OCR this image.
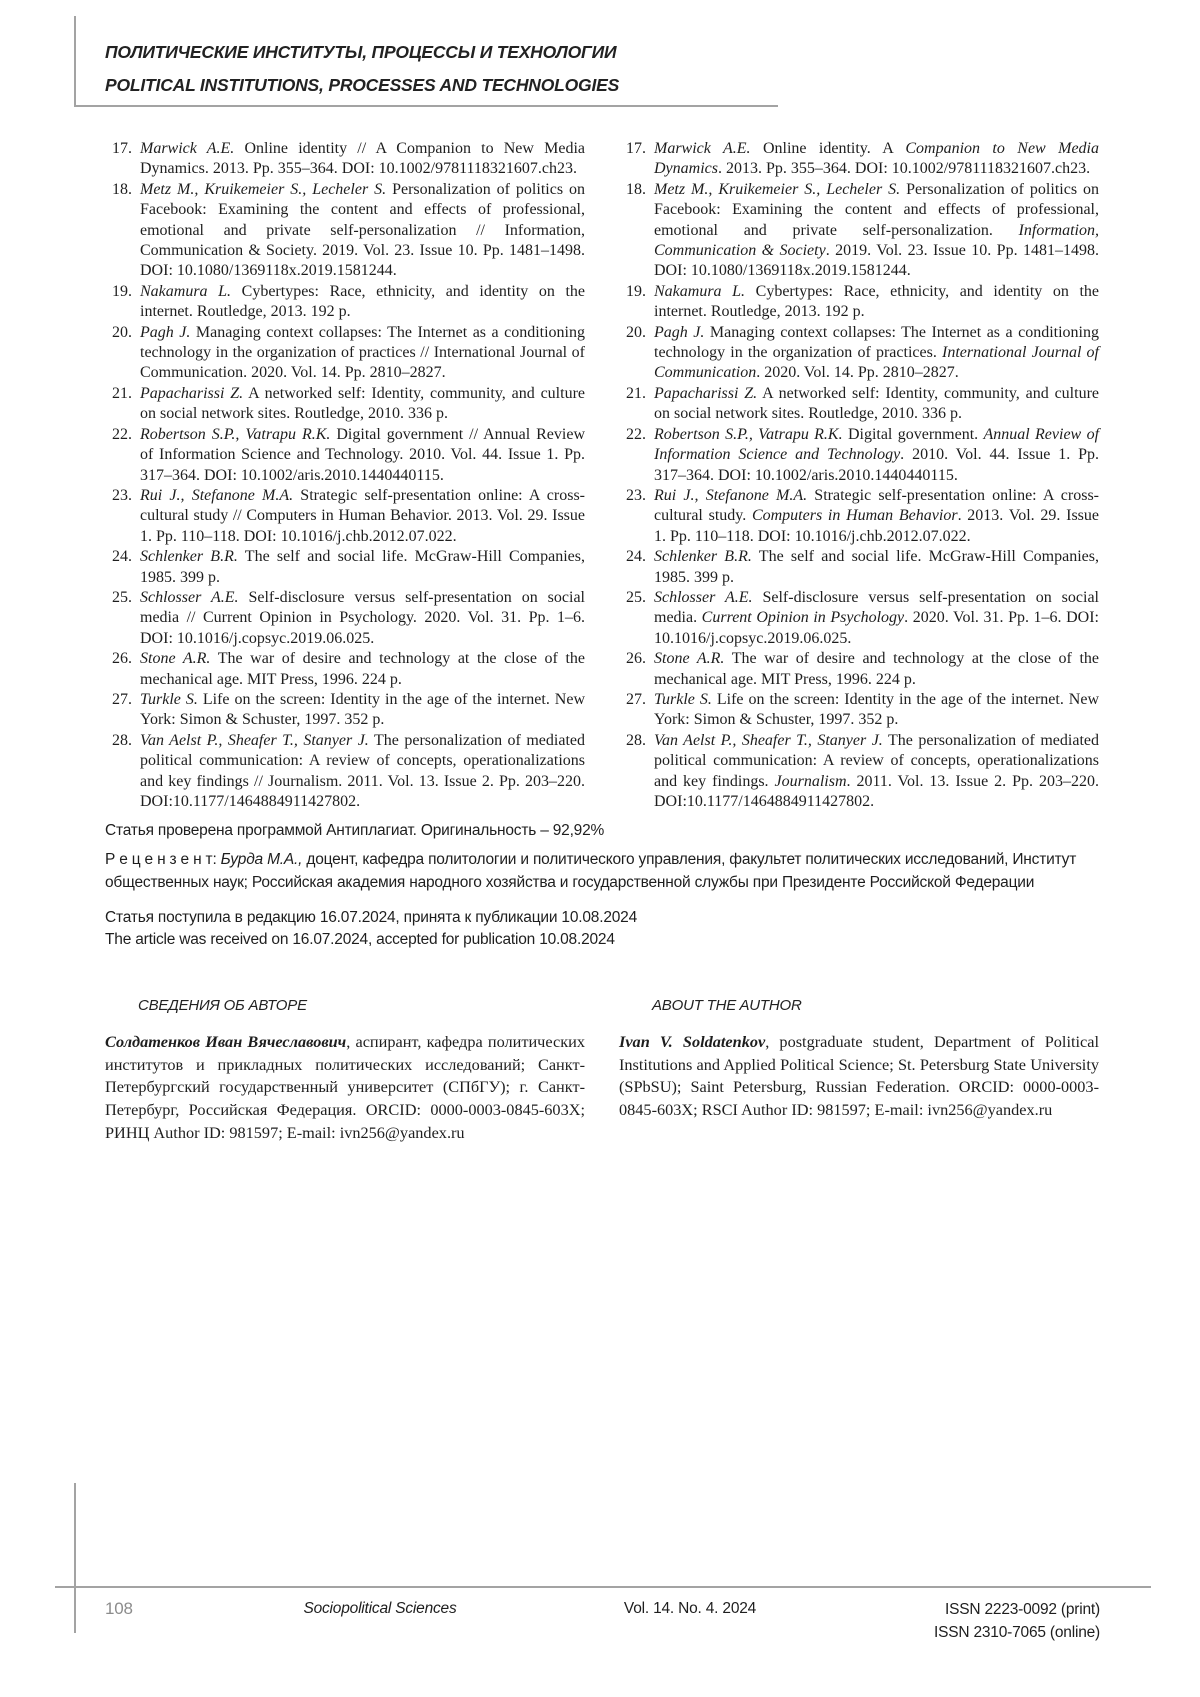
ПОЛИТИЧЕСКИЕ ИНСТИТУТЫ, ПРОЦЕССЫ И ТЕХНОЛОГИИ
POLITICAL INSTITUTIONS, PROCESSES AND TECHNOLOGIES
17. Marwick A.E. Online identity // A Companion to New Media Dynamics. 2013. Pp. 355–364. DOI: 10.1002/9781118321607.ch23.
18. Metz M., Kruikemeier S., Lecheler S. Personalization of politics on Facebook: Examining the content and effects of professional, emotional and private self-personalization // Information, Communication & Society. 2019. Vol. 23. Issue 10. Pp. 1481–1498. DOI: 10.1080/1369118x.2019.1581244.
19. Nakamura L. Cybertypes: Race, ethnicity, and identity on the internet. Routledge, 2013. 192 p.
20. Pagh J. Managing context collapses: The Internet as a conditioning technology in the organization of practices // International Journal of Communication. 2020. Vol. 14. Pp. 2810–2827.
21. Papacharissi Z. A networked self: Identity, community, and culture on social network sites. Routledge, 2010. 336 p.
22. Robertson S.P., Vatrapu R.K. Digital government // Annual Review of Information Science and Technology. 2010. Vol. 44. Issue 1. Pp. 317–364. DOI: 10.1002/aris.2010.1440440115.
23. Rui J., Stefanone M.A. Strategic self-presentation online: A cross-cultural study // Computers in Human Behavior. 2013. Vol. 29. Issue 1. Pp. 110–118. DOI: 10.1016/j.chb.2012.07.022.
24. Schlenker B.R. The self and social life. McGraw-Hill Companies, 1985. 399 p.
25. Schlosser A.E. Self-disclosure versus self-presentation on social media // Current Opinion in Psychology. 2020. Vol. 31. Pp. 1–6. DOI: 10.1016/j.copsyc.2019.06.025.
26. Stone A.R. The war of desire and technology at the close of the mechanical age. MIT Press, 1996. 224 p.
27. Turkle S. Life on the screen: Identity in the age of the internet. New York: Simon & Schuster, 1997. 352 p.
28. Van Aelst P., Sheafer T., Stanyer J. The personalization of mediated political communication: A review of concepts, operationalizations and key findings // Journalism. 2011. Vol. 13. Issue 2. Pp. 203–220. DOI:10.1177/1464884911427802.
17. Marwick A.E. Online identity. A Companion to New Media Dynamics. 2013. Pp. 355–364. DOI: 10.1002/9781118321607.ch23.
18. Metz M., Kruikemeier S., Lecheler S. Personalization of politics on Facebook: Examining the content and effects of professional, emotional and private self-personalization. Information, Communication & Society. 2019. Vol. 23. Issue 10. Pp. 1481–1498. DOI: 10.1080/1369118x.2019.1581244.
19. Nakamura L. Cybertypes: Race, ethnicity, and identity on the internet. Routledge, 2013. 192 p.
20. Pagh J. Managing context collapses: The Internet as a conditioning technology in the organization of practices. International Journal of Communication. 2020. Vol. 14. Pp. 2810–2827.
21. Papacharissi Z. A networked self: Identity, community, and culture on social network sites. Routledge, 2010. 336 p.
22. Robertson S.P., Vatrapu R.K. Digital government. Annual Review of Information Science and Technology. 2010. Vol. 44. Issue 1. Pp. 317–364. DOI: 10.1002/aris.2010.1440440115.
23. Rui J., Stefanone M.A. Strategic self-presentation online: A cross-cultural study. Computers in Human Behavior. 2013. Vol. 29. Issue 1. Pp. 110–118. DOI: 10.1016/j.chb.2012.07.022.
24. Schlenker B.R. The self and social life. McGraw-Hill Companies, 1985. 399 p.
25. Schlosser A.E. Self-disclosure versus self-presentation on social media. Current Opinion in Psychology. 2020. Vol. 31. Pp. 1–6. DOI: 10.1016/j.copsyc.2019.06.025.
26. Stone A.R. The war of desire and technology at the close of the mechanical age. MIT Press, 1996. 224 p.
27. Turkle S. Life on the screen: Identity in the age of the internet. New York: Simon & Schuster, 1997. 352 p.
28. Van Aelst P., Sheafer T., Stanyer J. The personalization of mediated political communication: A review of concepts, operationalizations and key findings. Journalism. 2011. Vol. 13. Issue 2. Pp. 203–220. DOI:10.1177/1464884911427802.

Статья проверена программой Антиплагиат. Оригинальность – 92,92%

Р е ц е н з е н т: Бурда М.А., доцент, кафедра политологии и политического управления, факультет политических исследований, Институт общественных наук; Российская академия народного хозяйства и государственной службы при Президенте Российской Федерации

Статья поступила в редакцию 16.07.2024, принята к публикации 10.08.2024

The article was received on 16.07.2024, accepted for publication 10.08.2024

СВЕДЕНИЯ ОБ АВТОРЕ

Солдатенков Иван Вячеславович, аспирант, кафедра политических институтов и прикладных политических исследований; Санкт-Петербургский государственный университет (СПбГУ); г. Санкт-Петербург, Российская Федерация. ORCID: 0000-0003-0845-603X; РИНЦ Author ID: 981597; E-mail: ivn256@yandex.ru

ABOUT THE AUTHOR

Ivan V. Soldatenkov, postgraduate student, Department of Political Institutions and Applied Political Science; St. Petersburg State University (SPbSU); Saint Petersburg, Russian Federation. ORCID: 0000-0003-0845-603X; RSCI Author ID: 981597; E-mail: ivn256@yandex.ru

108	Sociopolitical Sciences	Vol. 14. No. 4. 2024	ISSN 2223-0092 (print)
ISSN 2310-7065 (online)
